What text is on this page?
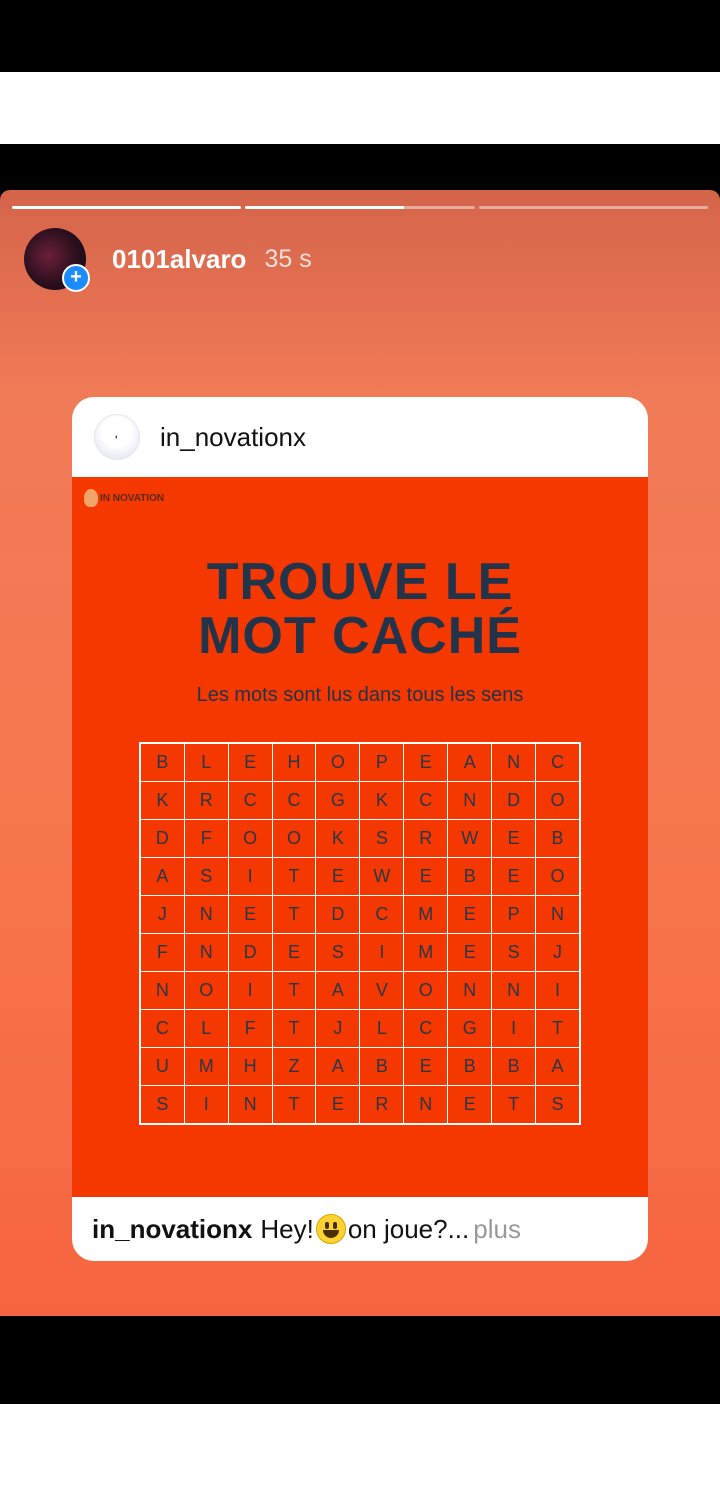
+
0101alvaro 35 s
◐ in_novationx
IN NOVATION
TROUVE LE
MOT CACHÉ
Les mots sont lus dans tous les sens
B	L	E	H	O	P	E	A	N	C
K	R	C	C	G	K	C	N	D	O
D	F	O	O	K	S	R	W	E	B
A	S	I	T	E	W	E	B	E	O
J	N	E	T	D	C	M	E	P	N
F	N	D	E	S	I	M	E	S	J
N	O	I	T	A	V	O	N	N	I
C	L	F	T	J	L	C	G	I	T
U	M	H	Z	A	B	E	B	B	A
S	I	N	T	E	R	N	E	T	S
in_novationx Hey! on joue?... plus
